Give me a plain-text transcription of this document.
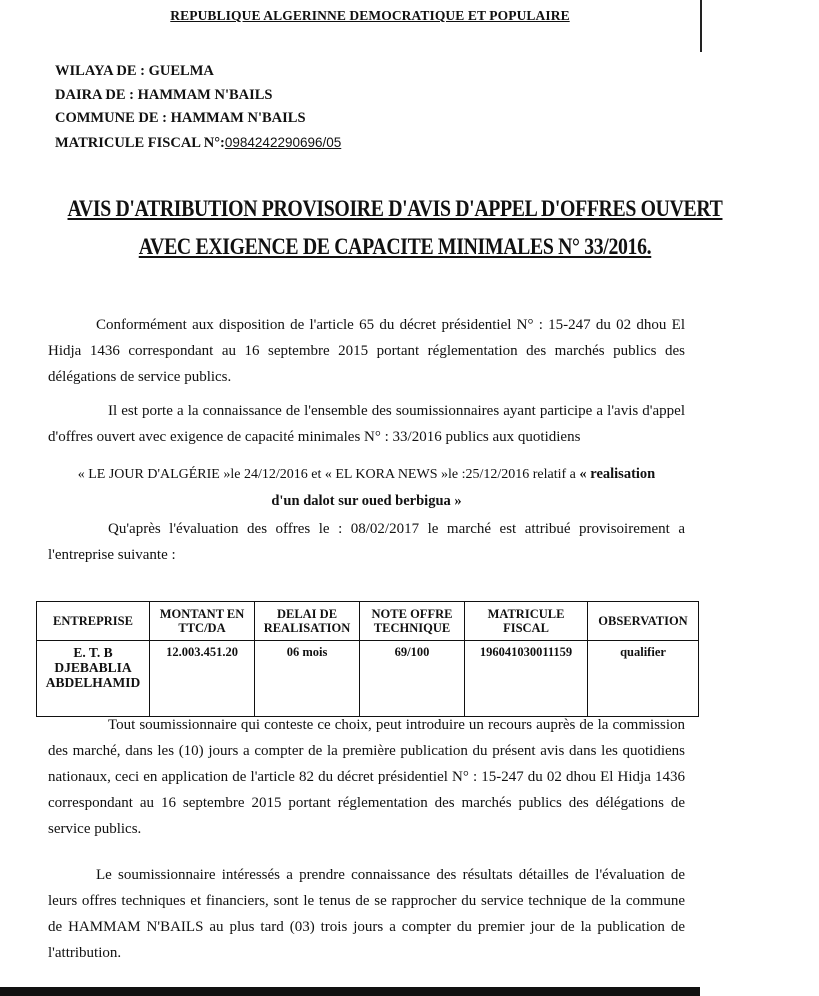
REPUBLIQUE ALGERINNE DEMOCRATIQUE ET POPULAIRE
WILAYA DE : GUELMA
DAIRA DE : HAMMAM N'BAILS
COMMUNE DE : HAMMAM N'BAILS
MATRICULE FISCAL N°:0984242290696/05
AVIS D'ATRIBUTION PROVISOIRE D'AVIS D'APPEL D'OFFRES OUVERT
AVEC EXIGENCE DE CAPACITE MINIMALES N° 33/2016.
Conformément aux disposition de l'article 65 du décret présidentiel N° : 15-247 du 02 dhou El Hidja 1436 correspondant au 16 septembre 2015 portant réglementation des marchés publics des délégations de service publics.
Il est porte a la connaissance de l'ensemble des soumissionnaires ayant participe a l'avis d'appel d'offres ouvert avec exigence de capacité minimales N° : 33/2016 publics aux quotidiens
« LE JOUR D'ALGÉRIE »le 24/12/2016 et « EL KORA NEWS »le :25/12/2016 relatif a « realisation
d'un dalot sur oued berbigua »
Qu'après l'évaluation des offres le : 08/02/2017 le marché est attribué provisoirement a l'entreprise suivante :
ENTREPRISE	MONTANT EN TTC/DA	DELAI DE REALISATION	NOTE OFFRE TECHNIQUE	MATRICULE FISCAL	OBSERVATION

E. T. B
DJEBABLIA
ABDELHAMID	12.003.451.20	06 mois	69/100	196041030011159	qualifier
Tout soumissionnaire qui conteste ce choix, peut introduire un recours auprès de la commission des marché, dans les (10) jours a compter de la première publication du présent avis dans les quotidiens nationaux, ceci en application de l'article 82 du décret présidentiel N° : 15-247 du 02 dhou El Hidja 1436 correspondant au 16 septembre 2015 portant réglementation des marchés publics des délégations de service publics.
Le soumissionnaire intéressés a prendre connaissance des résultats détailles de l'évaluation de leurs offres techniques et financiers, sont le tenus de se rapprocher du service technique de la commune de HAMMAM N'BAILS au plus tard (03) trois jours a compter du premier jour de la publication de l'attribution.
